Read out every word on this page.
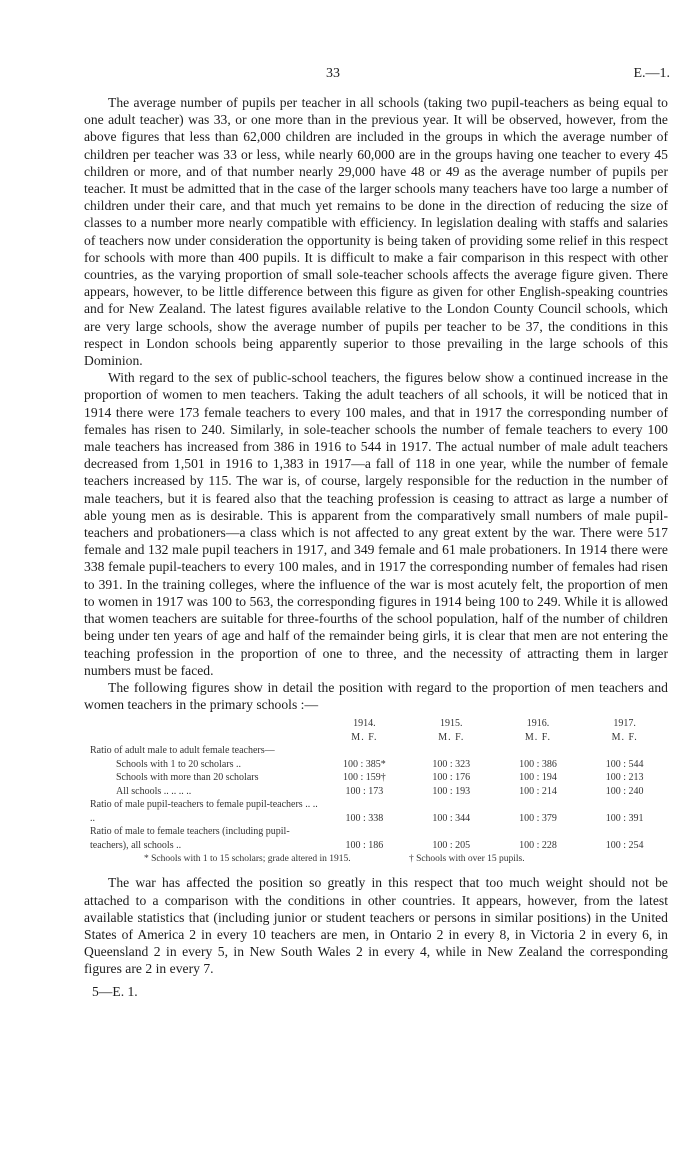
33	E.—1.

The average number of pupils per teacher in all schools (taking two pupil-teachers as being equal to one adult teacher) was 33, or one more than in the previous year. It will be observed, however, from the above figures that less than 62,000 children are included in the groups in which the average number of children per teacher was 33 or less, while nearly 60,000 are in the groups having one teacher to every 45 children or more, and of that number nearly 29,000 have 48 or 49 as the average number of pupils per teacher. It must be admitted that in the case of the larger schools many teachers have too large a number of children under their care, and that much yet remains to be done in the direction of reducing the size of classes to a number more nearly compatible with efficiency. In legislation dealing with staffs and salaries of teachers now under consideration the opportunity is being taken of providing some relief in this respect for schools with more than 400 pupils. It is difficult to make a fair comparison in this respect with other countries, as the varying proportion of small sole-teacher schools affects the average figure given. There appears, however, to be little difference between this figure as given for other English-speaking countries and for New Zealand. The latest figures available relative to the London County Council schools, which are very large schools, show the average number of pupils per teacher to be 37, the conditions in this respect in London schools being apparently superior to those prevailing in the large schools of this Dominion.

With regard to the sex of public-school teachers, the figures below show a continued increase in the proportion of women to men teachers. Taking the adult teachers of all schools, it will be noticed that in 1914 there were 173 female teachers to every 100 males, and that in 1917 the corresponding number of females has risen to 240. Similarly, in sole-teacher schools the number of female teachers to every 100 male teachers has increased from 386 in 1916 to 544 in 1917. The actual number of male adult teachers decreased from 1,501 in 1916 to 1,383 in 1917—a fall of 118 in one year, while the number of female teachers increased by 115. The war is, of course, largely responsible for the reduction in the number of male teachers, but it is feared also that the teaching profession is ceasing to attract as large a number of able young men as is desirable. This is apparent from the comparatively small numbers of male pupil-teachers and probationers—a class which is not affected to any great extent by the war. There were 517 female and 132 male pupil teachers in 1917, and 349 female and 61 male probationers. In 1914 there were 338 female pupil-teachers to every 100 males, and in 1917 the corresponding number of females had risen to 391. In the training colleges, where the influence of the war is most acutely felt, the proportion of men to women in 1917 was 100 to 563, the corresponding figures in 1914 being 100 to 249. While it is allowed that women teachers are suitable for three-fourths of the school population, half of the number of children being under ten years of age and half of the remainder being girls, it is clear that men are not entering the teaching profession in the proportion of one to three, and the necessity of attracting them in larger numbers must be faced.

The following figures show in detail the position with regard to the proportion of men teachers and women teachers in the primary schools :—

	1914.	1915.	1916.	1917.
	M. F.	M. F.	M. F.	M. F.
Ratio of adult male to adult female teachers—				
Schools with 1 to 20 scholars ..	100 : 385*	100 : 323	100 : 386	100 : 544
Schools with more than 20 scholars	100 : 159†	100 : 176	100 : 194	100 : 213
All schools .. .. .. ..	100 : 173	100 : 193	100 : 214	100 : 240
Ratio of male pupil-teachers to female pupil-teachers .. .. ..	100 : 338	100 : 344	100 : 379	100 : 391
Ratio of male to female teachers (including pupil-teachers), all schools ..	100 : 186	100 : 205	100 : 228	100 : 254
* Schools with 1 to 15 scholars; grade altered in 1915.	† Schools with over 15 pupils.

The war has affected the position so greatly in this respect that too much weight should not be attached to a comparison with the conditions in other countries. It appears, however, from the latest available statistics that (including junior or student teachers or persons in similar positions) in the United States of America 2 in every 10 teachers are men, in Ontario 2 in every 8, in Victoria 2 in every 6, in Queensland 2 in every 5, in New South Wales 2 in every 4, while in New Zealand the corresponding figures are 2 in every 7.

5—E. 1.
